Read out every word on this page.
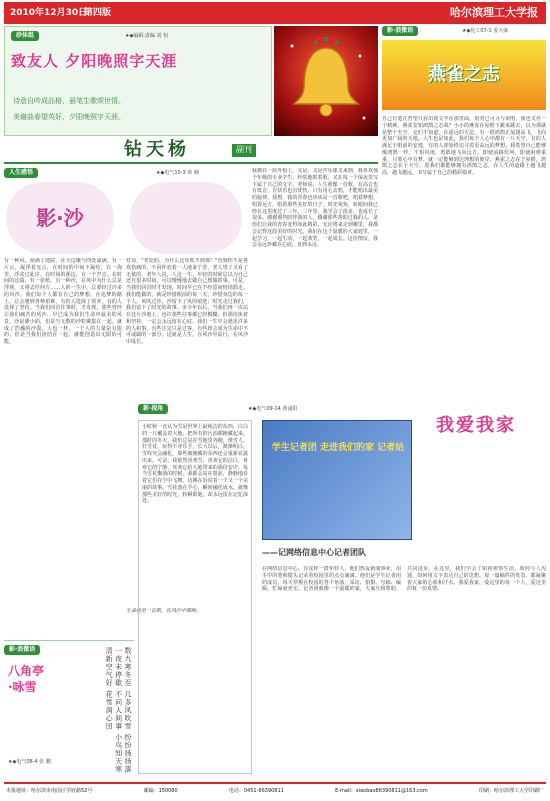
2010年12月30日
第四版	哈尔滨理工大学报
砂体组	★◆编辑·责编 刘 恒
致友人 夕阳晚照字天涯
诗意自吟成品格，悬笔生歌颂世情。
美谢曲春望英好，夕阳晚照字天涯。
钻天杨	副刊
人生感悟
影·沙
有一种风，刮满了庭院，在天边镶与四处溢满。有一片云，凝浮着无言，在时间的中间下凝结，有一海里，浮盆过此岸。在时间的那边，有一个声音。在时间的这端，有一张纸。有一种沙，在风中为什么总是浮现，又将去往何方……人的一生中，总要经过许多的风沙。我们每个人都有自己的梦想，在追梦的路上，总会遇到各种艰难。有的人选择了放弃，有的人选择了坚持。当我们回首往事时，才发现，那些曾经让我们痛苦的风沙，早已成为我们生命中最美的风景。沙是渺小的，但是当无数的沙粒聚集在一起，就成了浩瀚的沙漠。人也一样，一个人的力量是有限的，但是当我们团结在一起，就能创造出无限的可能。
★◆电气10-3 黄 楠
对话，"老处的，为什么这里吹不到那？"直到你不是喜欢伤痛的，不因你恋着一人地来宁芳，老人望了又看了无依的，老年人说，人这一生，年轻的时候总以为自己还有很多时间，可以慢慢地去做自己想做的事。可是，当我们回首时才发现，时间早已在不经意间悄悄溜走。我们能做的，就是珍惜眼前的每一天，珍惜身边的每一个人。风吹过沙，沙留下了风的痕迹；时光走过我们，我们留下了时光的故事。多少年以后，当我们再一次站在这片沙地上，也许那些往事都已经模糊，但那份执着和坚持，一定会永远留在心底。我们一生中会遇见许多的人和事，有些注定只是过客，有些却会成为生命中不可或缺的一部分。这就是人生，在风沙中前行，在风沙中成长。
生命就是一首歌，在风沙中唱响。
我都在一段外校上，又是。又是声乐课又来到，我喜欢那个年级的专业学生，经常地唱着歌，又在每一个深夜里写下属于自己的文字。老师说，人生就像一首歌，有高音也有低音，有快乐也有忧伤。只有用心去唱，才能唱出最美的旋律。我想，我的青春也应该是一首歌吧，唱着梦想，唱着远方，唱着那些美好的日子。时光匆匆，转眼间我已经在这里度过了三年。三年里，我学会了很多，也成长了很多。感谢那些陪伴我的人，感谢那些帮助过我的人，是你们让我的青春变得如此精彩。无论将来走到哪里，我都会记得这段美好的时光。我们在这个温暖的大家庭里，一起学习，一起生活，一起欢笑，一起成长。这份情谊，我会永远珍藏在心底，直到永远。
影·浪微语	★◆化工07-1 姜天弼
燕雀之志
自己有笔在哲望只看出现文学在那里面，很者已可寻与说明，我也又名一个精神。燕雀安知鸿鹄之志哉？小小的燕雀在屋檐下跳来跳去，以为那就是整个天空。它们不知道，在遥远的天边，有一群鸿鹄正展翅高飞，飞向更加广阔的天地。人生也是如此，我们每个人心中都有一片天空，有的人满足于眼前的安逸，有的人却始终追寻着更高远的梦想。我希望自己能够像鸿鹄一样，不惧风雨，勇敢地飞向远方。即使前路坎坷，即使困难重重，只要心中有梦，就一定能够到达理想的彼岸。燕雀之志在于屋檐，鸿鹄之志在于天空。愿我们都能够拥有鸿鹄之志，在人生的道路上越飞越高，越飞越远，书写属于自己的精彩篇章。
影·浪微语
八角亭·咏雪
★◆电气08-4 张 鹏
数九寒冬至 几多风吹雪 纷纷扬扬落 一夜未停歇 不问人间事 小鸟知天寒 清新空气好 花雪润心田
新·视角	★◆电气09-14 黄浦阳
小时候一直认为雪是世界上最纯洁的东西，白白的一片覆盖着大地，把所有的污浊都掩藏起来。那时的冬天，我们总是在雪地里奔跑，堆雪人，打雪仗，玩得不亦乐乎。长大以后，渐渐明白，雪终究会融化，那些被掩藏的东西还会重新显露出来。可是，我依然喜欢雪，喜欢它的洁白，喜欢它的宁静，喜欢它给大地带来的那份安详。每当雪花飘落的时候，我都会站在窗前，静静地看着它们在空中飞舞，仿佛在诉说着一个又一个美丽的故事。雪花落在手心，瞬间融化成水，就像那些美好的时光，转瞬即逝，却永远留在记忆深处。
我爱我家
学生记者团 走进我们的家 记者站
——记网络信息中心记者团队
在网络信息中心，有这样一群年轻人，他们热爱新闻事业，用手中的笔和镜头记录着校园里的点点滴滴。他们是学生记者团的成员，每天穿梭在校园的各个角落，采访、拍摄、写稿、编辑，忙碌而充实。记者团就像一个温暖的家，大家互相帮助，共同进步。在这里，我们学会了如何观察生活，如何与人沟通，如何用文字表达自己的思想。每一篇稿件的发表，都凝聚着大家的心血和汗水。我爱我家，爱这里的每一个人，爱这里的每一份真情。
本报地址：哈尔滨市南岗区学府路52号	邮编：150080	电话：0451-86390811	E-mail：xiaobao86390811@163.com	印刷：哈尔滨理工大学印刷厂
